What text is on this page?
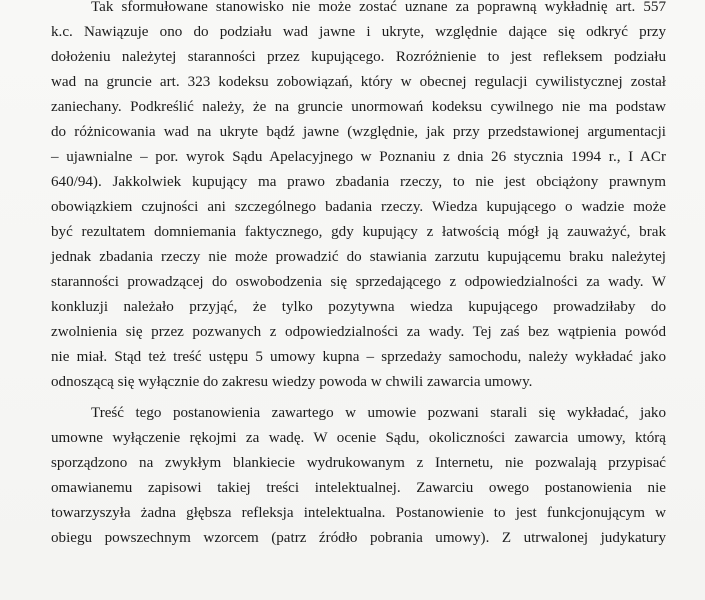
Tak sformułowane stanowisko nie może zostać uznane za poprawną wykładnię art. 557
k.c. Nawiązuje ono do podziału wad jawne i ukryte, względnie dające się odkryć przy
dołożeniu należytej staranności przez kupującego. Rozróżnienie to jest refleksem podziału
wad na gruncie art. 323 kodeksu zobowiązań, który w obecnej regulacji cywilistycznej został
zaniechany. Podkreślić należy, że na gruncie unormowań kodeksu cywilnego nie ma podstaw
do różnicowania wad na ukryte bądź jawne (względnie, jak przy przedstawionej argumentacji
– ujawnialne – por. wyrok Sądu Apelacyjnego w Poznaniu z dnia 26 stycznia 1994 r., I ACr
640/94). Jakkolwiek kupujący ma prawo zbadania rzeczy, to nie jest obciążony prawnym
obowiązkiem czujności ani szczególnego badania rzeczy. Wiedza kupującego o wadzie może
być rezultatem domniemania faktycznego, gdy kupujący z łatwością mógł ją zauważyć, brak
jednak zbadania rzeczy nie może prowadzić do stawiania zarzutu kupującemu braku należytej
staranności prowadzącej do oswobodzenia się sprzedającego z odpowiedzialności za wady. W
konkluzji należało przyjąć, że tylko pozytywna wiedza kupującego prowadziłaby do
zwolnienia się przez pozwanych z odpowiedzialności za wady. Tej zaś bez wątpienia powód
nie miał. Stąd też treść ustępu 5 umowy kupna – sprzedaży samochodu, należy wykładać jako
odnoszącą się wyłącznie do zakresu wiedzy powoda w chwili zawarcia umowy.
Treść tego postanowienia zawartego w umowie pozwani starali się wykładać, jako
umowne wyłączenie rękojmi za wadę. W ocenie Sądu, okoliczności zawarcia umowy, którą
sporządzono na zwykłym blankiecie wydrukowanym z Internetu, nie pozwalają przypisać
omawianemu zapisowi takiej treści intelektualnej. Zawarciu owego postanowienia nie
towarzyszyła żadna głębsza refleksja intelektualna. Postanowienie to jest funkcjonującym w
obiegu powszechnym wzorcem (patrz źródło pobrania umowy). Z utrwalonej judykatury
